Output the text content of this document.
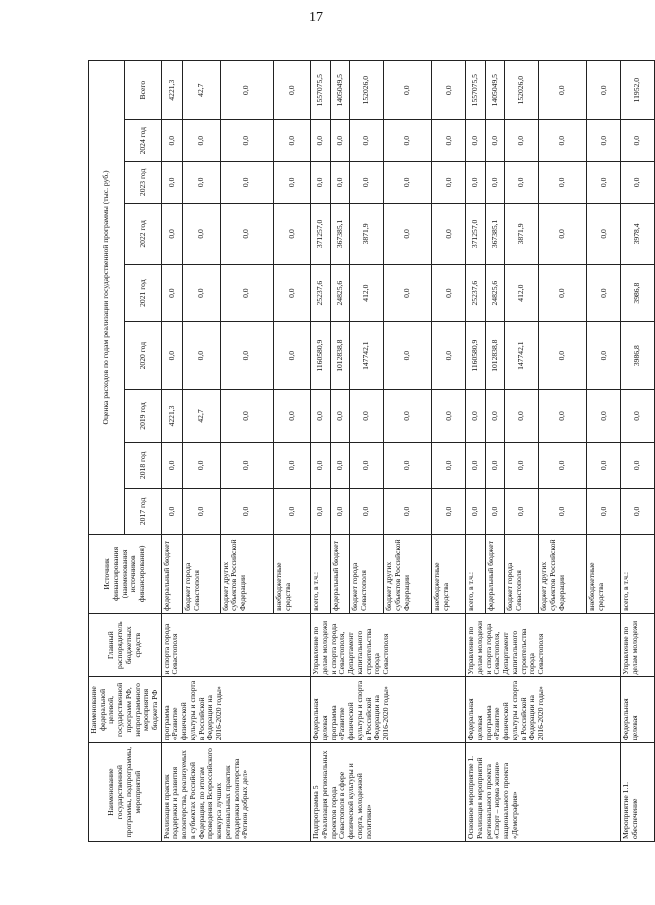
17
Наименование государственной программы, подпрограммы, мероприятий	Наименование федеральной целевой, государственной программ РФ, непрограммного мероприятия бюджета РФ	Главный распорядитель бюджетных средств	Источник финансирования (наименования источников финансирования)	Оценка расходов по годам реализации государственной программы (тыс. руб.)								
				2017 год	2018 год	2019 год	2020 год	2021 год	2022 год	2023 год	2024 год	Всего
Реализация практик поддержки и развития волонтерства, реализуемых в субъектах Российской Федерации, по итогам проведения Всероссийского конкурса лучших региональных практик поддержки волонтерства «Регион добрых дел»	программа «Развитие физической культуры и спорта в Российской Федерации на 2016-2020 годы»	и спорта города Севастополя	федеральный бюджет	0,0	0,0	4221,3	0,0	0,0	0,0	0,0	0,0	4221,3
			бюджет города Севастополя	0,0	0,0	42,7	0,0	0,0	0,0	0,0	0,0	42,7
			бюджет других субъектов Российской Федерации	0,0	0,0	0,0	0,0	0,0	0,0	0,0	0,0	0,0
			внебюджетные средства	0,0	0,0	0,0	0,0	0,0	0,0	0,0	0,0	0,0
Подпрограмма 5 «Реализация региональных проектов города Севастополя в сфере физической культуры и спорта, молодежной политики»	Федеральная целевая программа «Развитие физической культуры и спорта в Российской Федерации на 2016-2020 годы»	Управление по делам молодежи и спорта города Севастополя, Департамент капитального строительства города Севастополя	всего, в т.ч.:	0,0	0,0	0,0	1160580,9	25237,6	371257,0	0,0	0,0	1557075,5
			федеральный бюджет	0,0	0,0	0,0	1012838,8	24825,6	367385,1	0,0	0,0	1405049,5
			бюджет города Севастополя	0,0	0,0	0,0	147742,1	412,0	3871,9	0,0	0,0	152026,0
			бюджет других субъектов Российской Федерации	0,0	0,0	0,0	0,0	0,0	0,0	0,0	0,0	0,0
			внебюджетные средства	0,0	0,0	0,0	0,0	0,0	0,0	0,0	0,0	0,0
Основное мероприятие 1. Реализация мероприятий регионального проекта «Спорт – норма жизни» национального проекта «Демография»	Федеральная целевая программа «Развитие физической культуры и спорта в Российской Федерации на 2016-2020 годы»	Управление по делам молодежи и спорта города Севастополя, Департамент капитального строительства города Севастополя	всего, в т.ч.:	0,0	0,0	0,0	1160580,9	25237,6	371257,0	0,0	0,0	1557075,5
			федеральный бюджет	0,0	0,0	0,0	1012838,8	24825,6	367385,1	0,0	0,0	1405049,5
			бюджет города Севастополя	0,0	0,0	0,0	147742,1	412,0	3871,9	0,0	0,0	152026,0
			бюджет других субъектов Российской Федерации	0,0	0,0	0,0	0,0	0,0	0,0	0,0	0,0	0,0
			внебюджетные средства	0,0	0,0	0,0	0,0	0,0	0,0	0,0	0,0	0,0
Мероприятие 1.1. обеспечение	Федеральная целевая	Управление по делам молодежи	всего, в т.ч.:	0,0	0,0	0,0	3986,8	3986,8	3978,4	0,0	0,0	11952,0
